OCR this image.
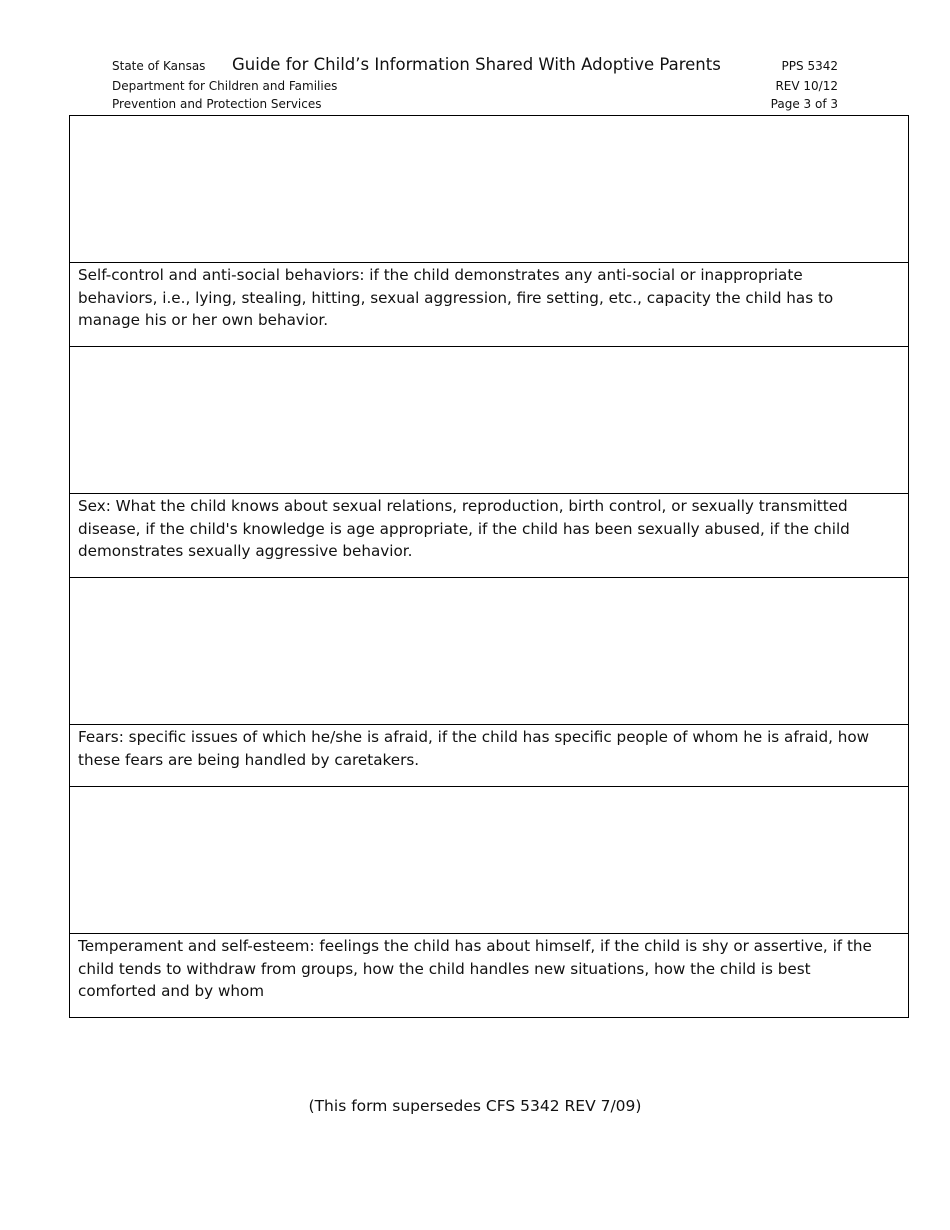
State of Kansas Guide for Child’s Information Shared With Adoptive Parents	PPS 5342
Department for Children and Families	REV 10/12
Prevention and Protection Services	Page 3 of 3
Self-control and anti-social behaviors: if the child demonstrates any anti-social or inappropriate behaviors, i.e., lying, stealing, hitting, sexual aggression, fire setting, etc., capacity the child has to manage his or her own behavior.
Sex: What the child knows about sexual relations, reproduction, birth control, or sexually transmitted disease, if the child's knowledge is age appropriate, if the child has been sexually abused, if the child demonstrates sexually aggressive behavior.
Fears: specific issues of which he/she is afraid, if the child has specific people of whom he is afraid, how these fears are being handled by caretakers.
Temperament and self-esteem: feelings the child has about himself, if the child is shy or assertive, if the child tends to withdraw from groups, how the child handles new situations, how the child is best comforted and by whom
(This form supersedes CFS 5342 REV 7/09)
